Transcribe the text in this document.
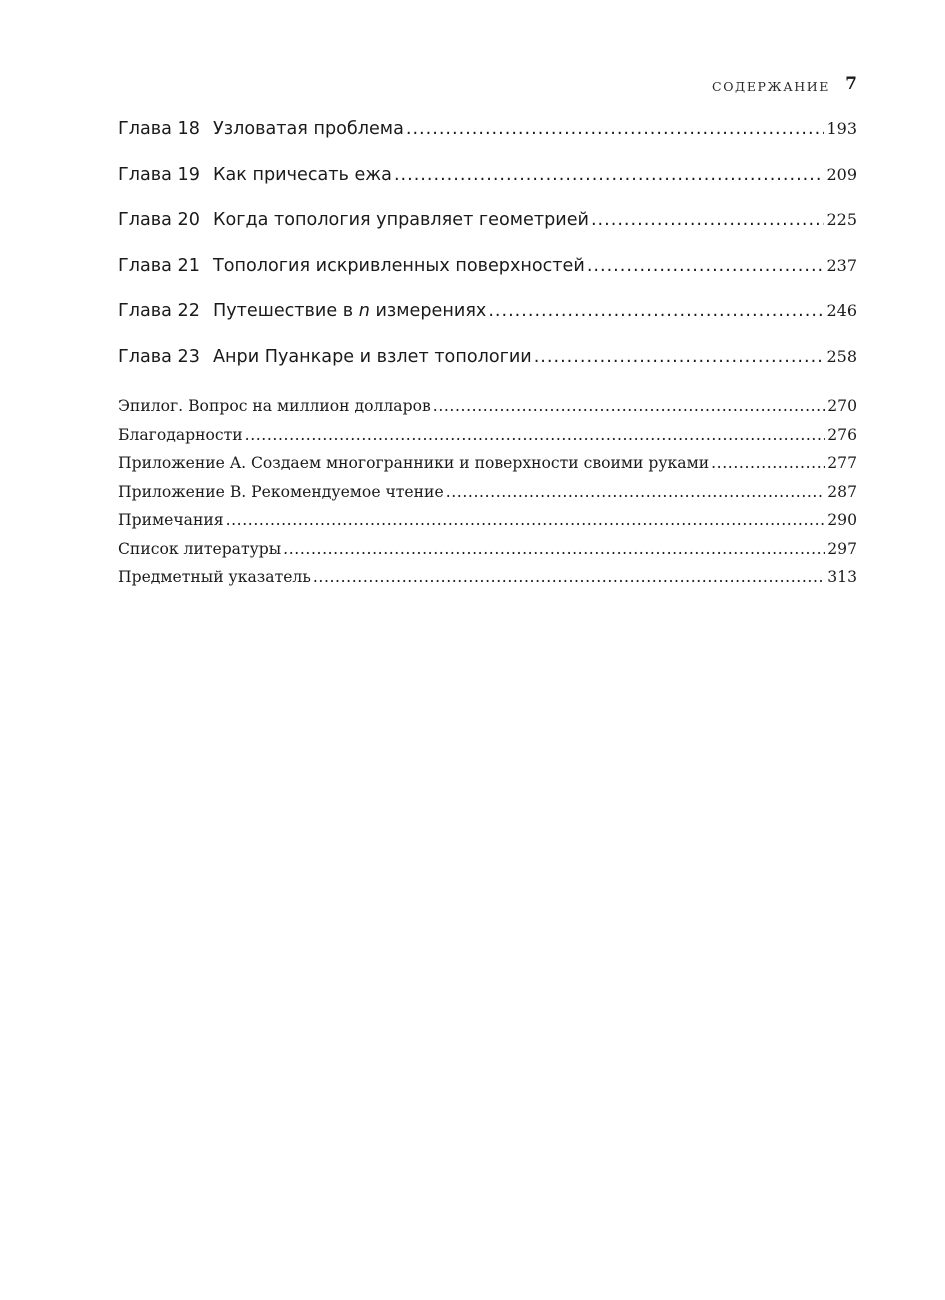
СОДЕРЖАНИЕ 7
Глава 18 Узловатая проблема .....	193
Глава 19 Как причесать ежа .....	209
Глава 20 Когда топология управляет геометрией .....	225
Глава 21 Топология искривленных поверхностей .....	237
Глава 22 Путешествие в n измерениях .....	246
Глава 23 Анри Пуанкаре и взлет топологии .....	258
Эпилог. Вопрос на миллион долларов .....	270
Благодарности .....	276
Приложение A. Создаем многогранники и поверхности своими руками .....	277
Приложение B. Рекомендуемое чтение .....	287
Примечания .....	290
Список литературы .....	297
Предметный указатель .....	313
